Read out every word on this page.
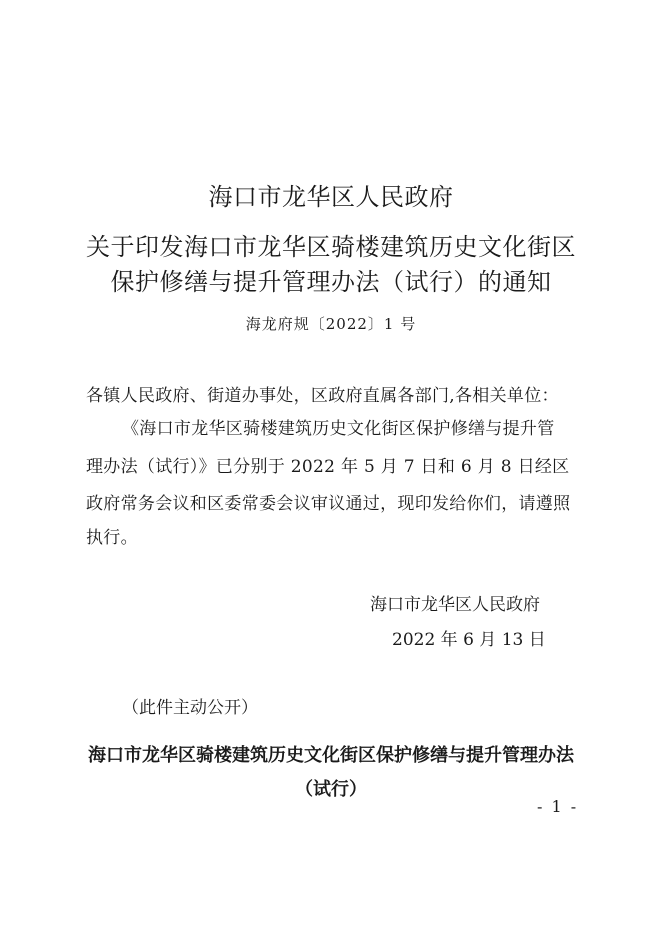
海口市龙华区人民政府
关于印发海口市龙华区骑楼建筑历史文化街区
保护修缮与提升管理办法（试行）的通知
海龙府规〔2022〕1 号
各镇人民政府、街道办事处，区政府直属各部门,各相关单位：
《海口市龙华区骑楼建筑历史文化街区保护修缮与提升管
理办法（试行）》已分别于 2022 年 5 月 7 日和 6 月 8 日经区
政府常务会议和区委常委会议审议通过，现印发给你们，请遵照
执行。
海口市龙华区人民政府
2022 年 6 月 13 日
（此件主动公开）
海口市龙华区骑楼建筑历史文化街区保护修缮与提升管理办法
（试行）
- 1 -
